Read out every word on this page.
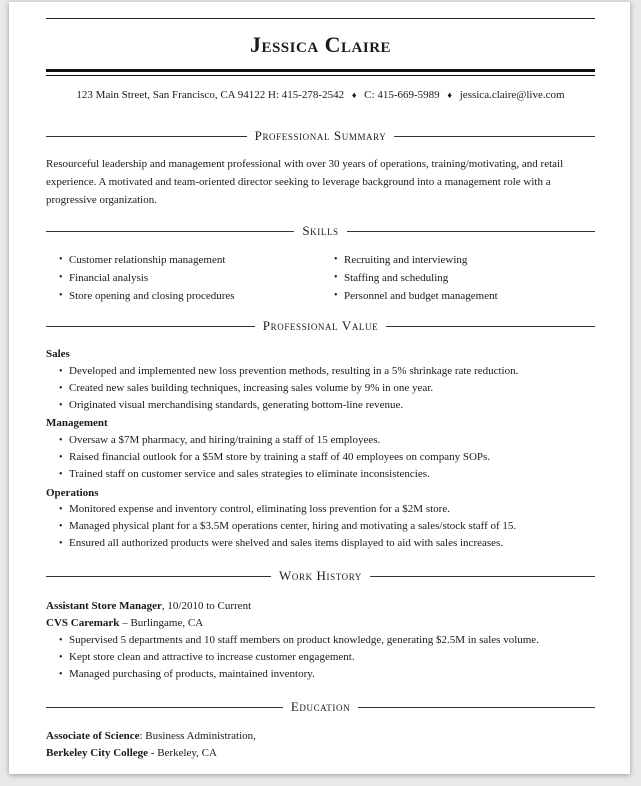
Jessica Claire
123 Main Street, San Francisco, CA 94122 H: 415-278-2542 ♦ C: 415-669-5989 ♦ jessica.claire@live.com
Professional Summary
Resourceful leadership and management professional with over 30 years of operations, training/motivating, and retail experience. A motivated and team-oriented director seeking to leverage background into a management role with a progressive organization.
Skills
• Customer relationship management
• Financial analysis
• Store opening and closing procedures
• Recruiting and interviewing
• Staffing and scheduling
• Personnel and budget management
Professional Value
Sales
• Developed and implemented new loss prevention methods, resulting in a 5% shrinkage rate reduction.
• Created new sales building techniques, increasing sales volume by 9% in one year.
• Originated visual merchandising standards, generating bottom-line revenue.
Management
• Oversaw a $7M pharmacy, and hiring/training a staff of 15 employees.
• Raised financial outlook for a $5M store by training a staff of 40 employees on company SOPs.
• Trained staff on customer service and sales strategies to eliminate inconsistencies.
Operations
• Monitored expense and inventory control, eliminating loss prevention for a $2M store.
• Managed physical plant for a $3.5M operations center, hiring and motivating a sales/stock staff of 15.
• Ensured all authorized products were shelved and sales items displayed to aid with sales increases.
Work History
Assistant Store Manager, 10/2010 to Current
CVS Caremark – Burlingame, CA
• Supervised 5 departments and 10 staff members on product knowledge, generating $2.5M in sales volume.
• Kept store clean and attractive to increase customer engagement.
• Managed purchasing of products, maintained inventory.
Education
Associate of Science: Business Administration,
Berkeley City College - Berkeley, CA
